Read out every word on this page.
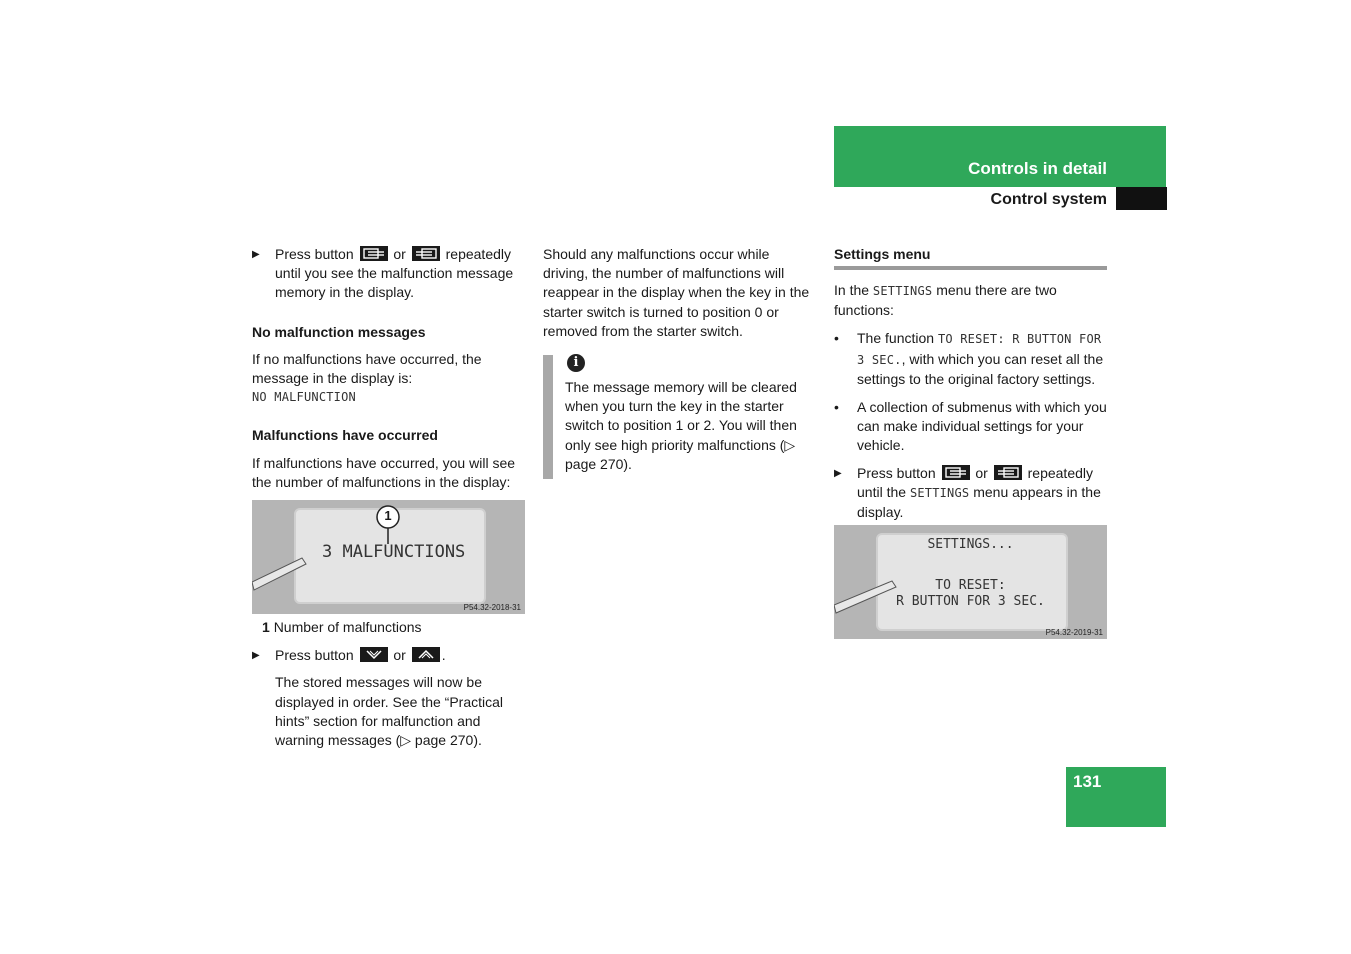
Controls in detail
Control system
▶ Press button	or	repeatedly until you see the malfunction message memory in the display.

No malfunction messages

If no malfunctions have occurred, the message in the display is:

NO MALFUNCTION

Malfunctions have occurred

If malfunctions have occurred, you will see the number of malfunctions in the display:

3 MALFUNCTIONS
1
P54.32-2018-31

1 Number of malfunctions

▶ Press button	or	.

The stored messages will now be displayed in order. See the “Practical hints” section for malfunction and warning messages (▷ page 270).

Should any malfunctions occur while driving, the number of malfunctions will reappear in the display when the key in the starter switch is turned to position 0 or removed from the starter switch.

i

The message memory will be cleared when you turn the key in the starter switch to position 1 or 2. You will then only see high priority malfunctions (▷ page 270).

Settings menu

In the SETTINGS menu there are two functions:

• The function TO RESET: R BUTTON FOR 3 SEC., with which you can reset all the settings to the original factory settings.
• A collection of submenus with which you can make individual settings for your vehicle.
▶ Press button	or	repeatedly until the SETTINGS menu appears in the display.
SETTINGS...
TO RESET:
R BUTTON FOR 3 SEC.
P54.32-2019-31
131
